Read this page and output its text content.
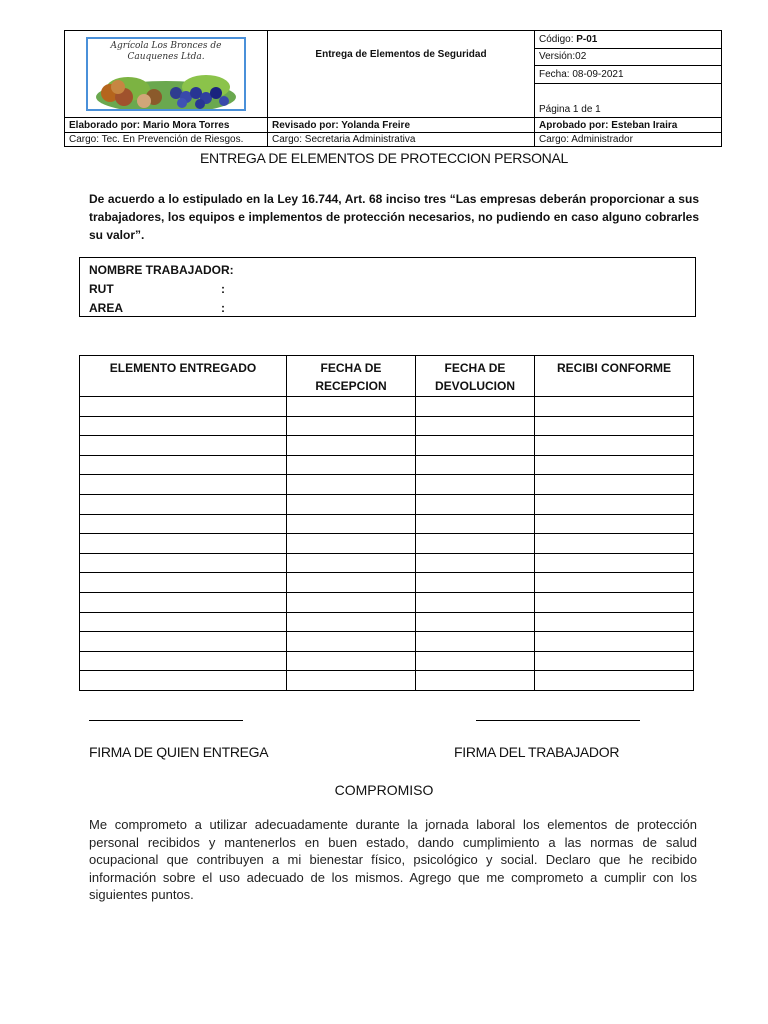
Agrícola Los Bronces de
Cauquenes Ltda.	Entrega de Elementos de Seguridad	Código: P-01
		Versión:02
		Fecha: 08-09-2021
		Página 1 de 1
Elaborado por: Mario Mora Torres	Revisado por: Yolanda Freire	Aprobado por: Esteban Iraira
Cargo: Tec. En Prevención de Riesgos.	Cargo: Secretaria Administrativa	Cargo: Administrador
ENTREGA DE ELEMENTOS DE PROTECCION PERSONAL
De acuerdo a lo estipulado en la Ley 16.744, Art. 68 inciso tres “Las empresas deberán proporcionar a sus trabajadores, los equipos e implementos de protección necesarios, no pudiendo en caso alguno cobrarles su valor”.
NOMBRE TRABAJADOR:
RUT	:
AREA	:
ELEMENTO ENTREGADO	FECHA DE RECEPCION	FECHA DE DEVOLUCION	RECIBI CONFORME

FIRMA DE QUIEN ENTREGA	FIRMA DEL TRABAJADOR
COMPROMISO
Me comprometo a utilizar adecuadamente durante la jornada laboral los elementos de protección personal recibidos y mantenerlos en buen estado, dando cumplimiento a las normas de salud ocupacional que contribuyen a mi bienestar físico, psicológico y social. Declaro que he recibido información sobre el uso adecuado de los mismos. Agrego que me comprometo a cumplir con los siguientes puntos.
